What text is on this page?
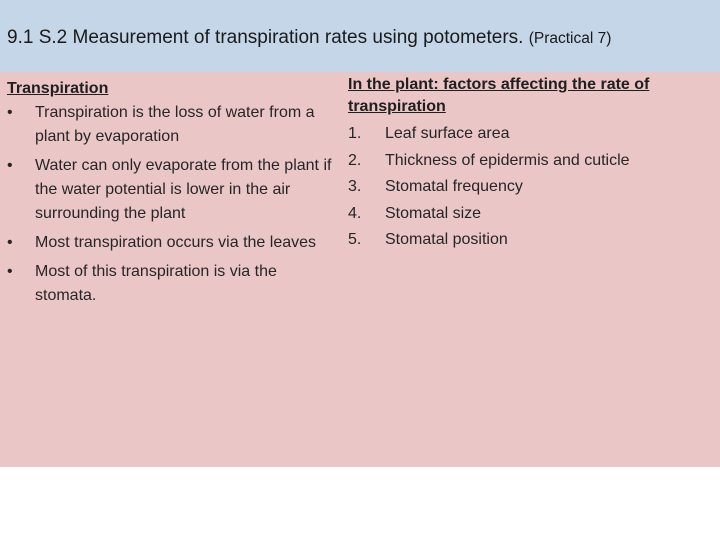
9.1 S.2 Measurement of transpiration rates using potometers. (Practical 7)
Transpiration
• Transpiration is the loss of water from a plant by evaporation
• Water can only evaporate from the plant if the water potential is lower in the air surrounding the plant
• Most transpiration occurs via the leaves
• Most of this transpiration is via the stomata.
In the plant: factors affecting the rate of transpiration
1. Leaf surface area
2. Thickness of epidermis and cuticle
3. Stomatal frequency
4. Stomatal size
5. Stomatal position
